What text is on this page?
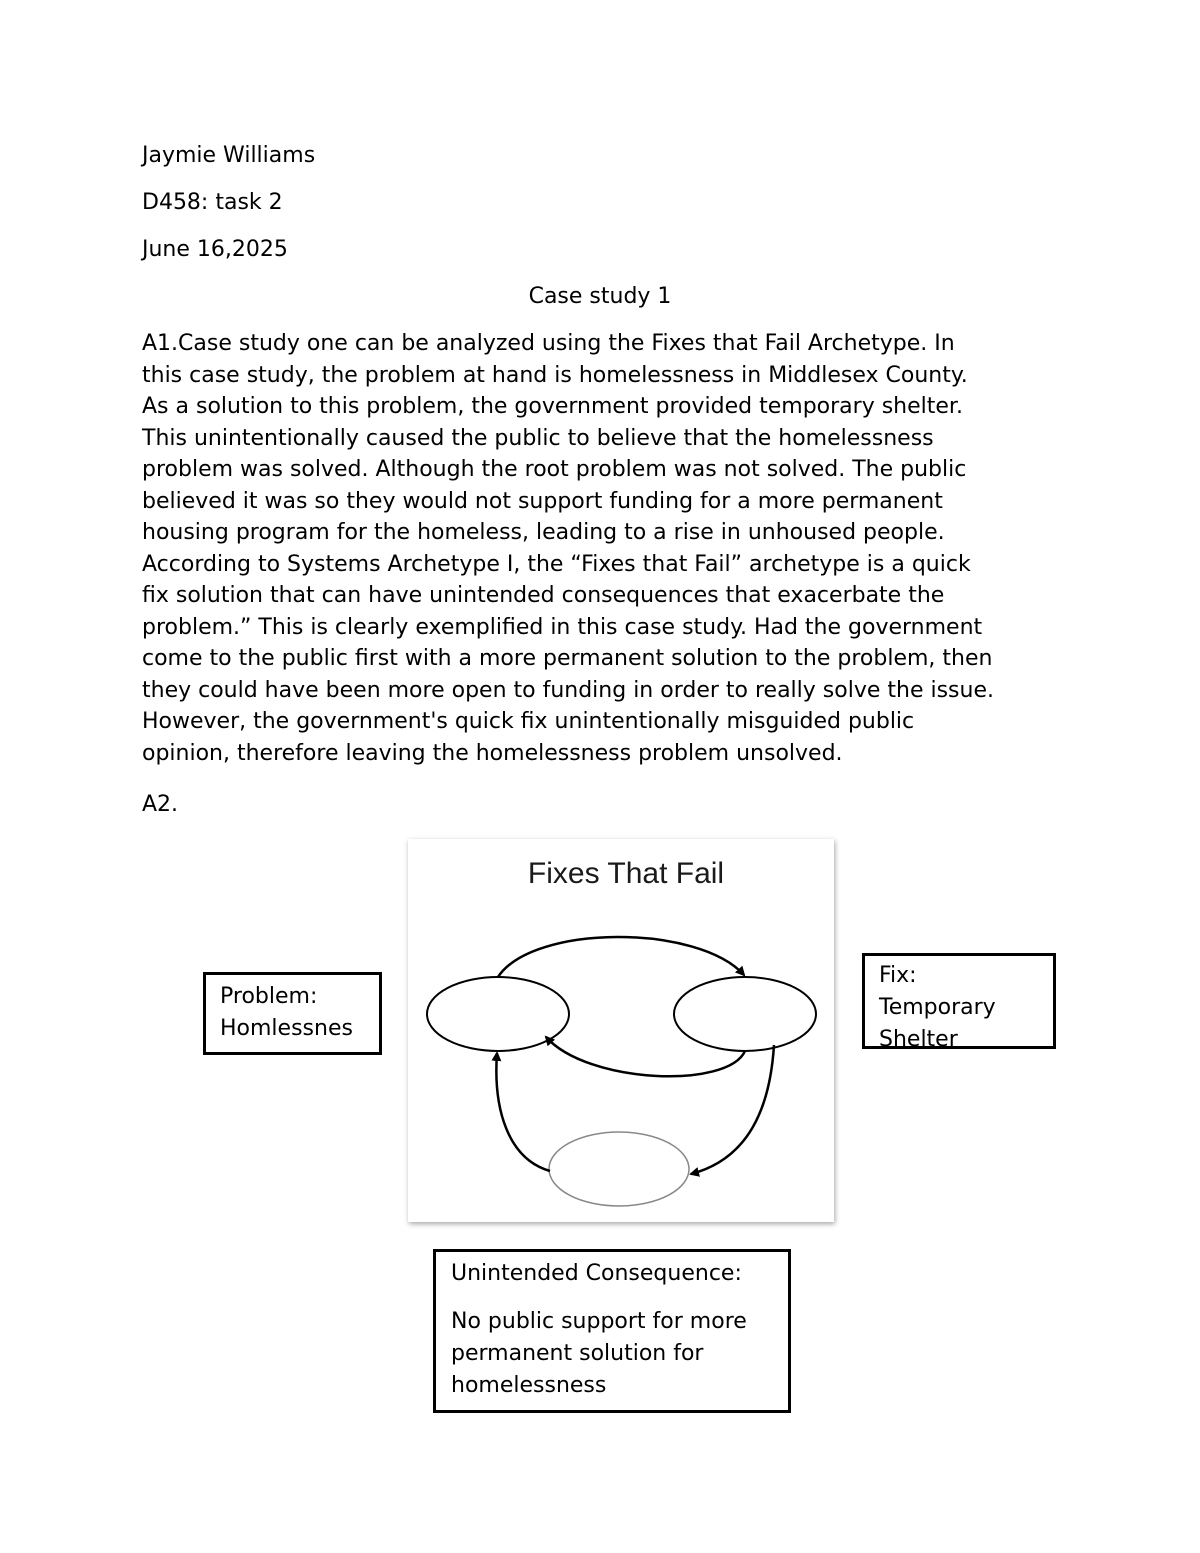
Jaymie Williams
D458: task 2
June 16,2025
Case study 1
A1.Case study one can be analyzed using the Fixes that Fail Archetype. In
this case study, the problem at hand is homelessness in Middlesex County.
As a solution to this problem, the government provided temporary shelter.
This unintentionally caused the public to believe that the homelessness
problem was solved. Although the root problem was not solved. The public
believed it was so they would not support funding for a more permanent
housing program for the homeless, leading to a rise in unhoused people.
According to Systems Archetype I, the “Fixes that Fail” archetype is a quick
fix solution that can have unintended consequences that exacerbate the
problem.” This is clearly exemplified in this case study. Had the government
come to the public first with a more permanent solution to the problem, then
they could have been more open to funding in order to really solve the issue.
However, the government's quick fix unintentionally misguided public
opinion, therefore leaving the homelessness problem unsolved.
A2.
Fixes That Fail
Problem:
Homlessnes
Fix:
Temporary
Shelter
Unintended Consequence:
No public support for more
permanent solution for
homelessness
